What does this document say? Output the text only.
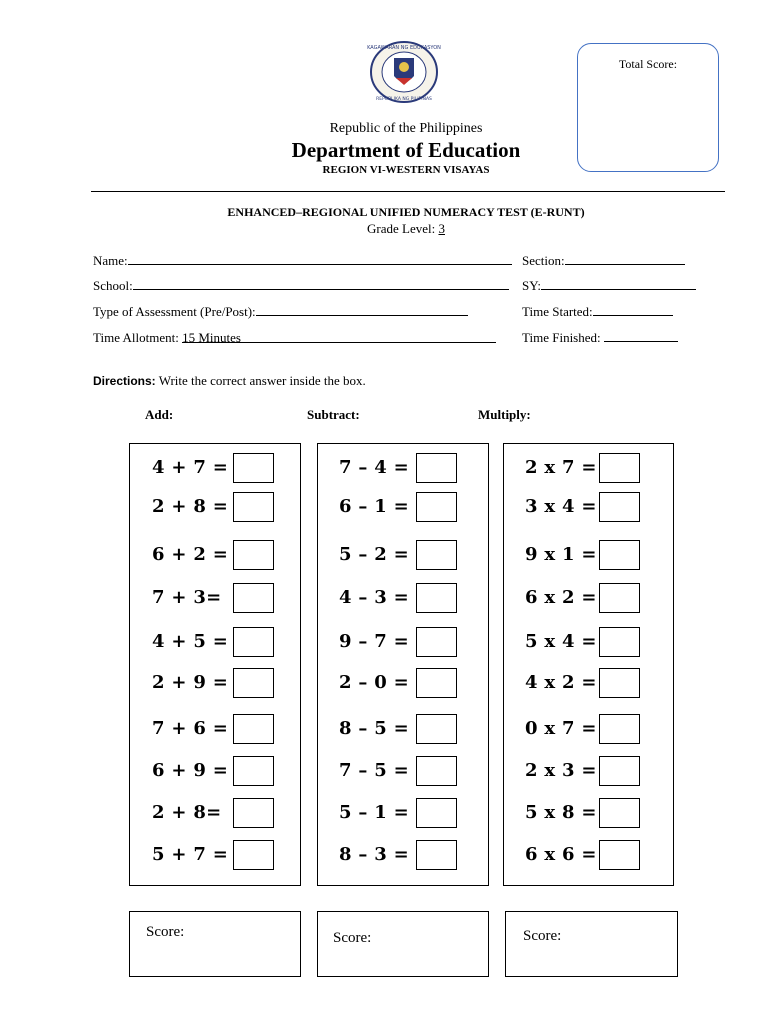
KAGAWARAN NG EDUKASYON
REPUBLIKA NG PILIPINAS
Total Score:
Republic of the Philippines
Department of Education
REGION VI-WESTERN VISAYAS
ENHANCED–REGIONAL UNIFIED NUMERACY TEST (E-RUNT)
Grade Level: 3
Name:	Section:
School:	SY:
Type of Assessment (Pre/Post):	Time Started:
Time Allotment: 15 Minutes	Time Finished:
Directions: Write the correct answer inside the box.
Add:	Subtract:	Multiply:
4 + 7 =
2 + 8 =
6 + 2 =
7 + 3=
4 + 5 =
2 + 9 =
7 + 6 =
6 + 9 =
2 + 8=
5 + 7 =
7 – 4 =
6 – 1 =
5 – 2 =
4 – 3 =
9 – 7 =
2 – 0 =
8 – 5 =
7 – 5 =
5 – 1 =
8 – 3 =
2 x 7 =
3 x 4 =
9 x 1 =
6 x 2 =
5 x 4 =
4 x 2 =
0 x 7 =
2 x 3 =
5 x 8 =
6 x 6 =
Score:	Score:	Score:
